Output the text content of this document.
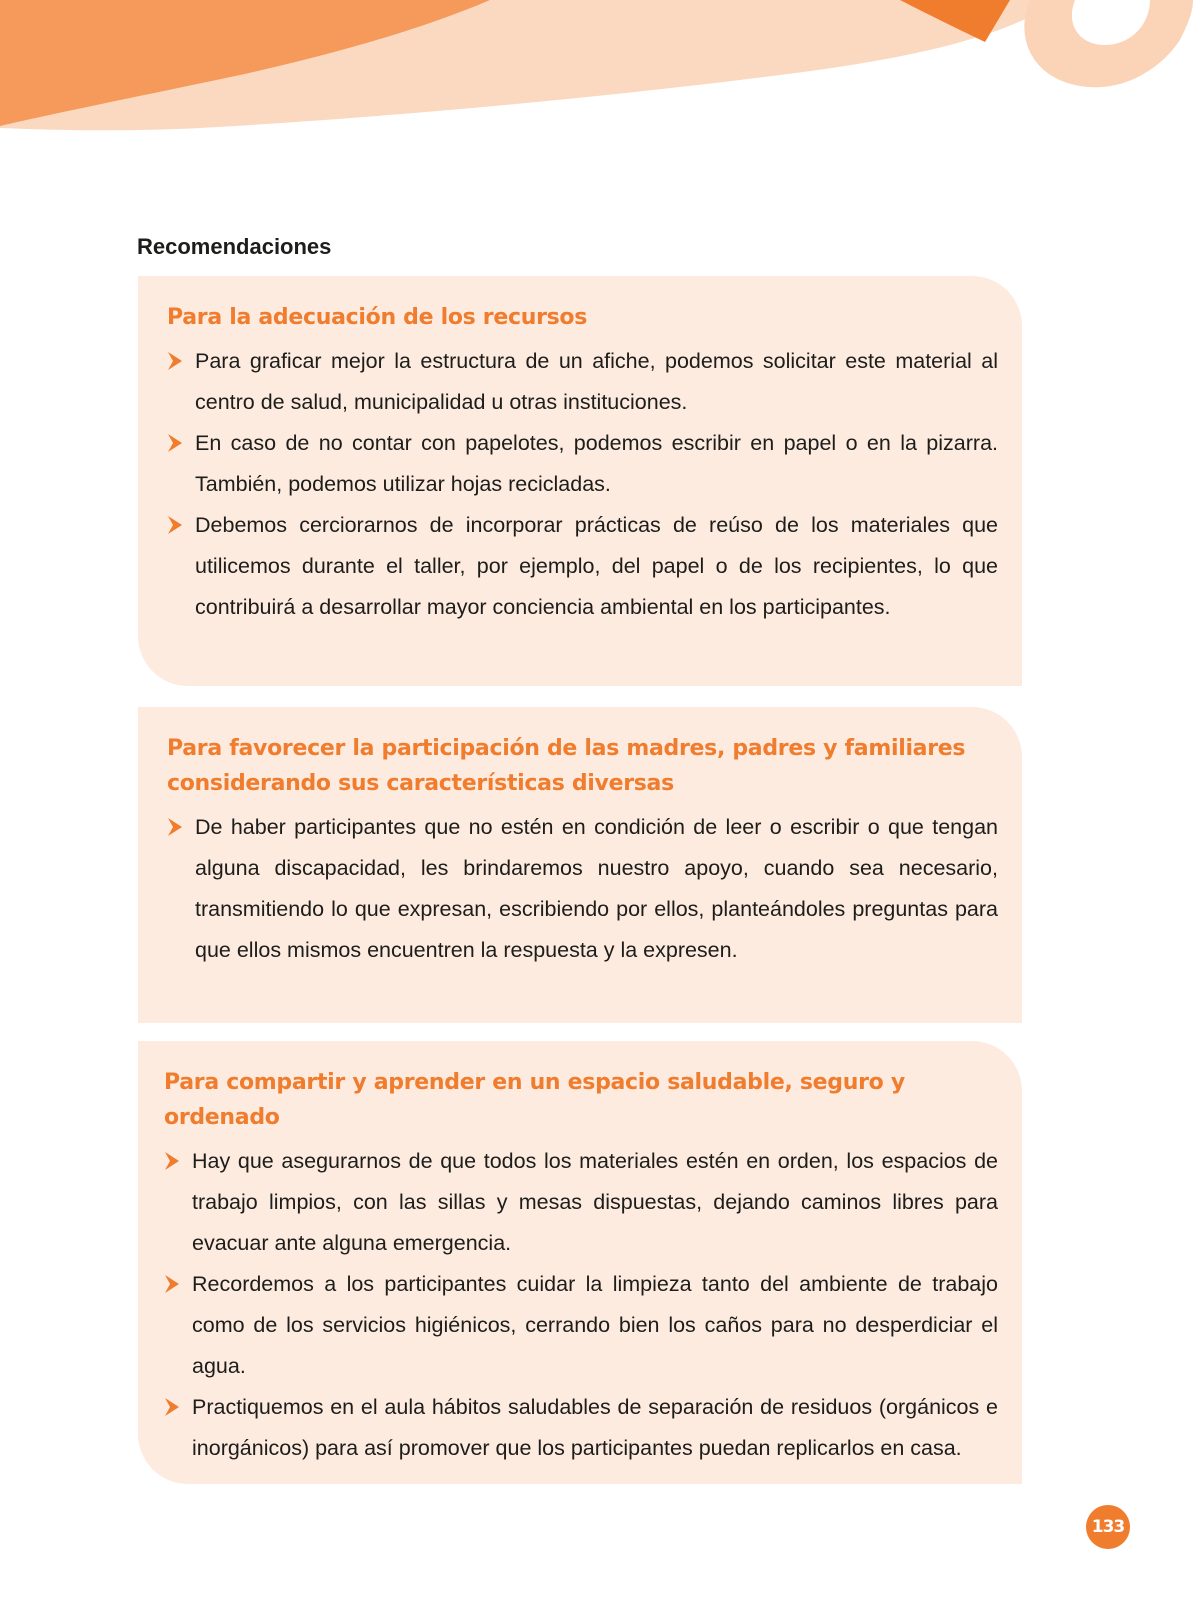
Recomendaciones
Para la adecuación de los recursos
Para graficar mejor la estructura de un afiche, podemos solicitar este material al centro de salud, municipalidad u otras instituciones.
En caso de no contar con papelotes, podemos escribir en papel o en la pizarra. También, podemos utilizar hojas recicladas.
Debemos cerciorarnos de incorporar prácticas de reúso de los materiales que utilicemos durante el taller, por ejemplo, del papel o de los recipientes, lo que contribuirá a desarrollar mayor conciencia ambiental en los participantes.
Para favorecer la participación de las madres, padres y familiares considerando sus características diversas
De haber participantes que no estén en condición de leer o escribir o que tengan alguna discapacidad, les brindaremos nuestro apoyo, cuando sea necesario, transmitiendo lo que expresan, escribiendo por ellos, planteándoles preguntas para que ellos mismos encuentren la respuesta y la expresen.
Para compartir y aprender en un espacio saludable, seguro y ordenado
Hay que asegurarnos de que todos los materiales estén en orden, los espacios de trabajo limpios, con las sillas y mesas dispuestas, dejando caminos libres para evacuar ante alguna emergencia.
Recordemos a los participantes cuidar la limpieza tanto del ambiente de trabajo como de los servicios higiénicos, cerrando bien los caños para no desperdiciar el agua.
Practiquemos en el aula hábitos saludables de separación de residuos (orgánicos e inorgánicos) para así promover que los participantes puedan replicarlos en casa.
133
